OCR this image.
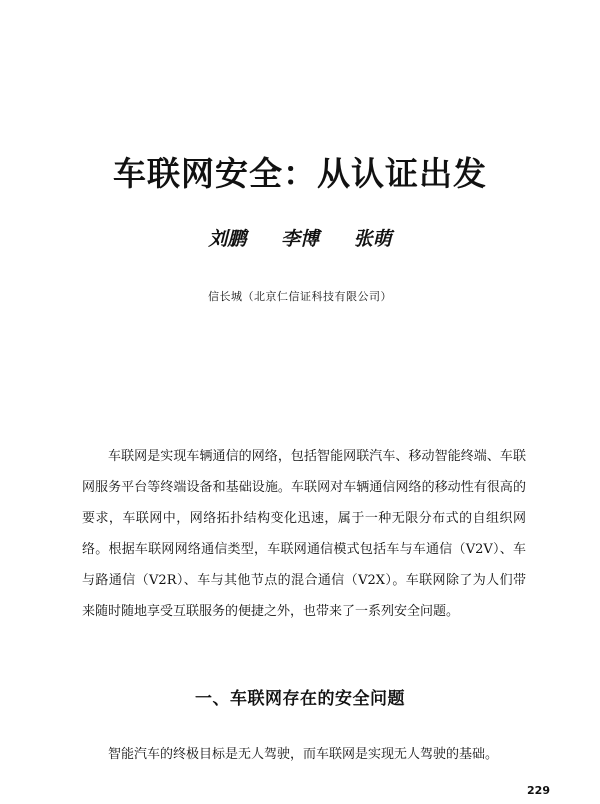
车联网安全：从认证出发
刘鹏 李博 张萌
信长城（北京仁信证科技有限公司）

车联网是实现车辆通信的网络，包括智能网联汽车、移动智能终端、车联网服务平台等终端设备和基础设施。车联网对车辆通信网络的移动性有很高的要求，车联网中，网络拓扑结构变化迅速，属于一种无限分布式的自组织网络。根据车联网网络通信类型，车联网通信模式包括车与车通信（V2V）、车与路通信（V2R）、车与其他节点的混合通信（V2X）。车联网除了为人们带来随时随地享受互联服务的便捷之外，也带来了一系列安全问题。

一、车联网存在的安全问题

智能汽车的终极目标是无人驾驶，而车联网是实现无人驾驶的基础。

229
